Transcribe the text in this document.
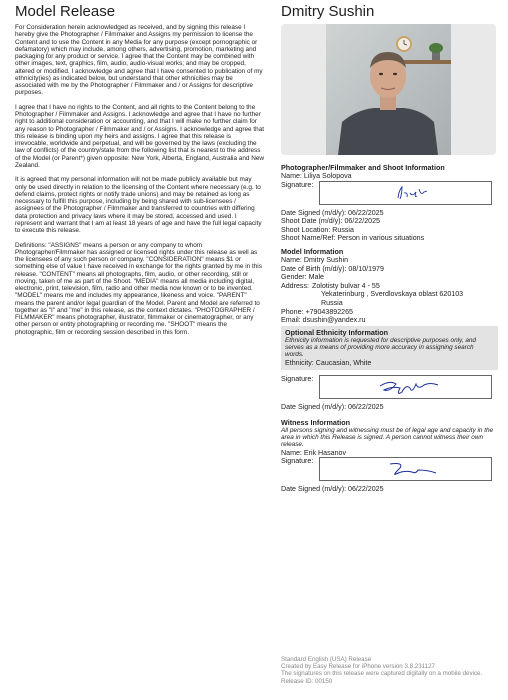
Model Release

For Consideration herein acknowledged as received, and by signing this release I hereby give the Photographer / Filmmaker and Assigns my permission to license the Content and to use the Content in any Media for any purpose (except pornographic or defamatory) which may include, among others, advertising, promotion, marketing and packaging for any product or service. I agree that the Content may be combined with other images, text, graphics, film, audio, audio-visual works; and may be cropped, altered or modified. I acknowledge and agree that I have consented to publication of my ethnicity(ies) as indicated below, but understand that other ethnicities may be associated with me by the Photographer / Filmmaker and / or Assigns for descriptive purposes.

I agree that I have no rights to the Content, and all rights to the Content belong to the Photographer / Filmmaker and Assigns. I acknowledge and agree that I have no further right to additional consideration or accounting, and that I will make no further claim for any reason to Photographer / Filmmaker and / or Assigns. I acknowledge and agree that this release is binding upon my heirs and assigns. I agree that this release is irrevocable, worldwide and perpetual, and will be governed by the laws (excluding the law of conflicts) of the country/state from the following list that is nearest to the address of the Model (or Parent*) given opposite: New York, Alberta, England, Australia and New Zealand.

It is agreed that my personal information will not be made publicly available but may only be used directly in relation to the licensing of the Content where necessary (e.g. to defend claims, protect rights or notify trade unions) and may be retained as long as necessary to fulfill this purpose, including by being shared with sub-licensees / assignees of the Photographer / Filmmaker and transferred to countries with differing data protection and privacy laws where it may be stored, accessed and used. I represent and warrant that I am at least 18 years of age and have the full legal capacity to execute this release.

Definitions: "ASSIGNS" means a person or any company to whom Photographer/Filmmaker has assigned or licensed rights under this release as well as the licensees of any such person or company. "CONSIDERATION" means $1 or something else of value I have received in exchange for the rights granted by me in this release. "CONTENT" means all photographs, film, audio, or other recording, still or moving, taken of me as part of the Shoot. "MEDIA" means all media including digital, electronic, print, television, film, radio and other media now known or to be invented. "MODEL" means me and includes my appearance, likeness and voice. "PARENT" means the parent and/or legal guardian of the Model. Parent and Model are referred to together as "I" and "me" in this release, as the context dictates. "PHOTOGRAPHER / FILMMAKER" means photographer, illustrator, filmmaker or cinematographer, or any other person or entity photographing or recording me. "SHOOT" means the photographic, film or recording session described in this form.

Dmitry Sushin
Photographer/Filmmaker and Shoot Information
Name: Liliya Solopova
Signature:
Date Signed (m/d/y): 06/22/2025
Shoot Date (m/d/y): 06/22/2025
Shoot Location: Russia
Shoot Name/Ref: Person in various situations
Model Information
Name: Dmitry Sushin
Date of Birth (m/d/y): 08/10/1979
Gender: Male
Address: Zolotisty bulvar 4 - 55
Yekaterinburg , Sverdlovskaya oblast 620103
Russia
Phone: +79043892265
Email: dsushin@yandex.ru
Optional Ethnicity Information
Ethnicity information is requested for descriptive purposes only, and serves as a means of providing more accuracy in assigning search words.
Ethnicity: Caucasian, White
Signature:
Date Signed (m/d/y): 06/22/2025
Witness Information
All persons signing and witnessing must be of legal age and capacity in the area in which this Release is signed. A person cannot witness their own release.
Name: Erik Hasanov
Signature:
Date Signed (m/d/y): 06/22/2025
Standard English (USA) Release
Created by Easy Release for iPhone version 3.8.231127
The signatures on this release were captured digitally on a mobile device.
Release ID: 00150
